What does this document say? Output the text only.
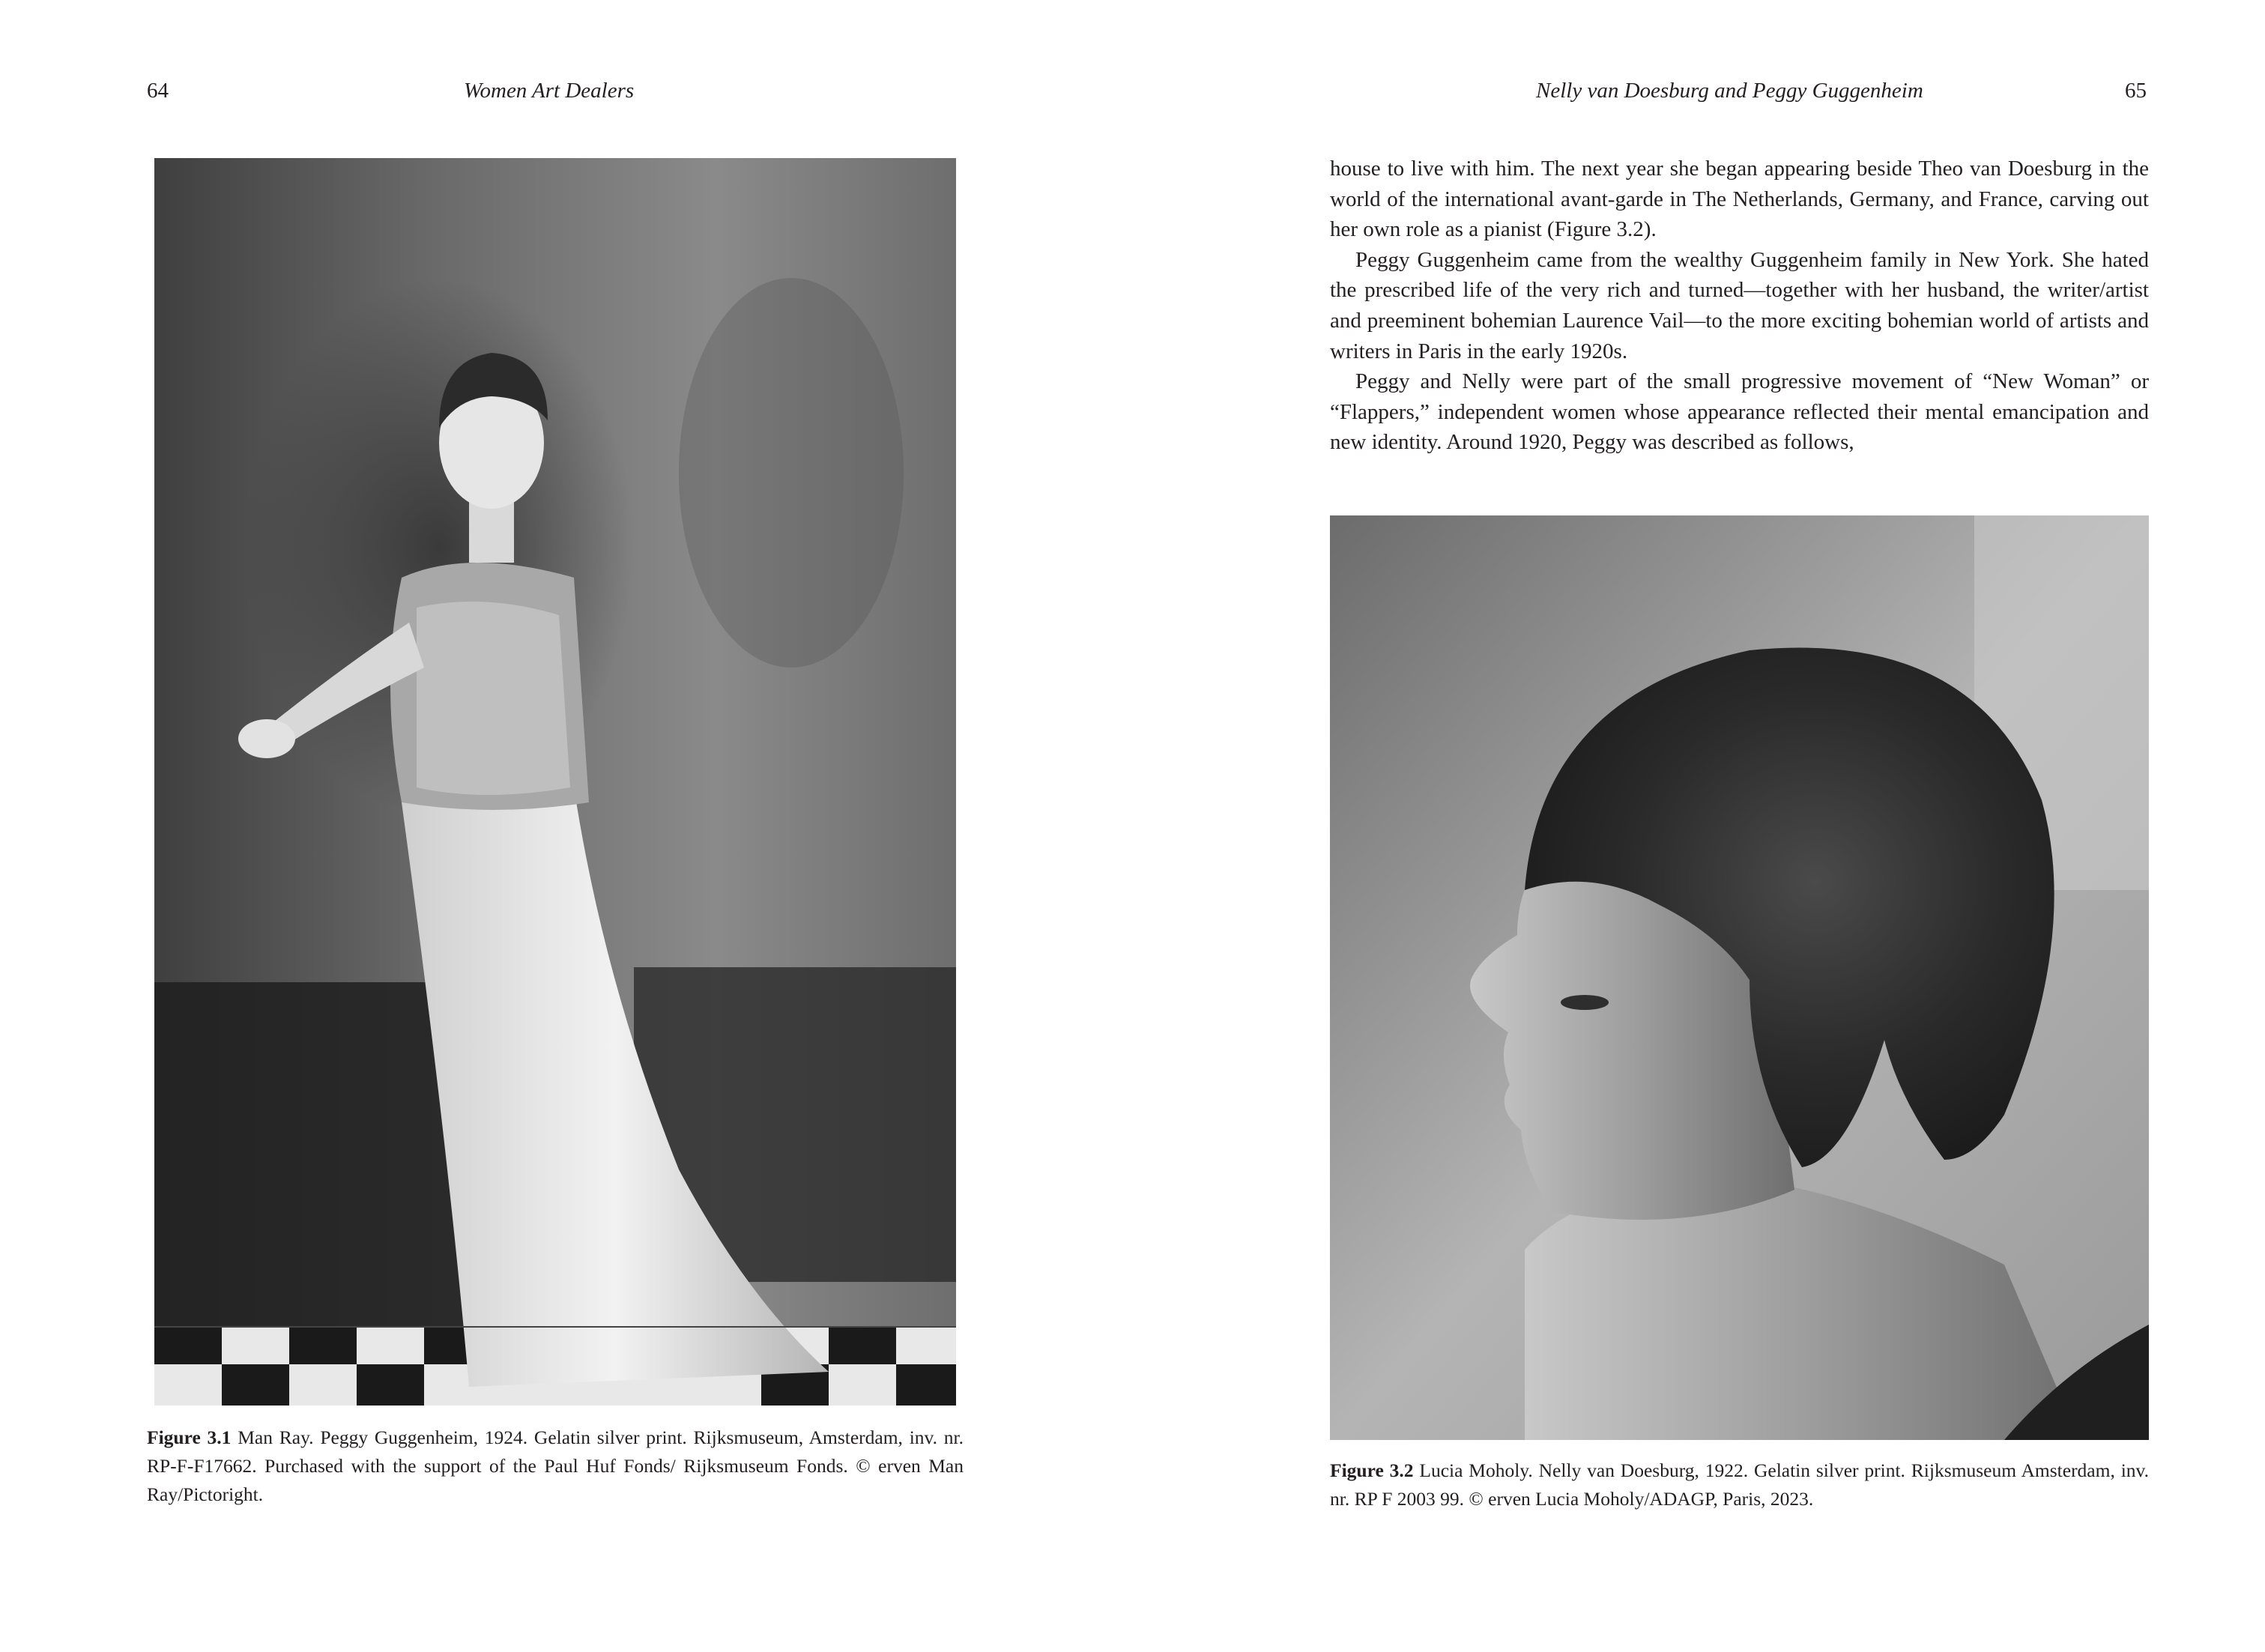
64	Women Art Dealers
Figure 3.1 Man Ray. Peggy Guggenheim, 1924. Gelatin silver print. Rijksmuseum, Amsterdam, inv. nr. RP-F-F17662. Purchased with the support of the Paul Huf Fonds/ Rijksmuseum Fonds. © erven Man Ray/Pictoright.
Nelly van Doesburg and Peggy Guggenheim	65

house to live with him. The next year she began appearing beside Theo van Doesburg in the world of the international avant-garde in The Netherlands, Germany, and France, carving out her own role as a pianist (Figure 3.2).

Peggy Guggenheim came from the wealthy Guggenheim family in New York. She hated the prescribed life of the very rich and turned—together with her husband, the writer/artist and preeminent bohemian Laurence Vail—to the more exciting bohemian world of artists and writers in Paris in the early 1920s.

Peggy and Nelly were part of the small progressive movement of “New Woman” or “Flappers,” independent women whose appearance reflected their mental emancipation and new identity. Around 1920, Peggy was described as follows,

Figure 3.2 Lucia Moholy. Nelly van Doesburg, 1922. Gelatin silver print. Rijksmuseum Amsterdam, inv. nr. RP F 2003 99. © erven Lucia Moholy/ADAGP, Paris, 2023.
